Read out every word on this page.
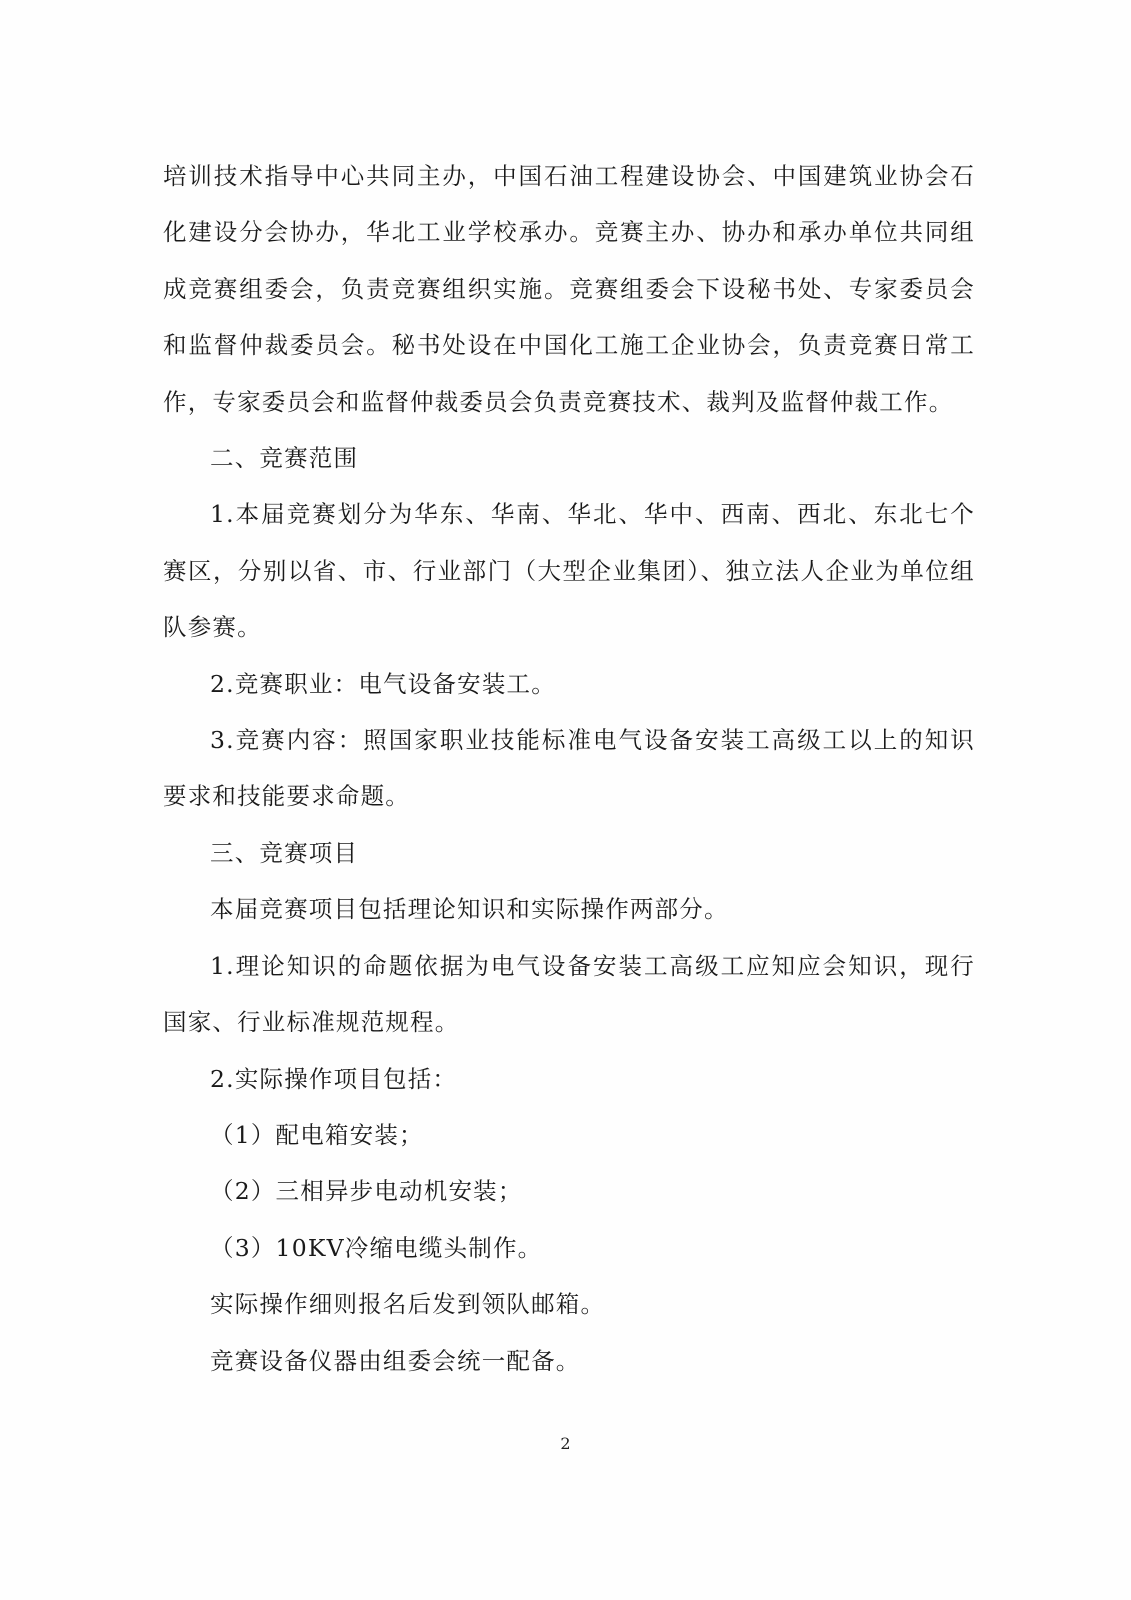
培训技术指导中心共同主办，中国石油工程建设协会、中国建筑业协会石化建设分会协办，华北工业学校承办。竞赛主办、协办和承办单位共同组成竞赛组委会，负责竞赛组织实施。竞赛组委会下设秘书处、专家委员会和监督仲裁委员会。秘书处设在中国化工施工企业协会，负责竞赛日常工作，专家委员会和监督仲裁委员会负责竞赛技术、裁判及监督仲裁工作。

二、竞赛范围

1.本届竞赛划分为华东、华南、华北、华中、西南、西北、东北七个赛区，分别以省、市、行业部门（大型企业集团）、独立法人企业为单位组队参赛。

2.竞赛职业：电气设备安装工。

3.竞赛内容：照国家职业技能标准电气设备安装工高级工以上的知识要求和技能要求命题。

三、竞赛项目

本届竞赛项目包括理论知识和实际操作两部分。

1.理论知识的命题依据为电气设备安装工高级工应知应会知识，现行国家、行业标准规范规程。

2.实际操作项目包括：

（1）配电箱安装；

（2）三相异步电动机安装；

（3）10KV冷缩电缆头制作。

实际操作细则报名后发到领队邮箱。

竞赛设备仪器由组委会统一配备。

2
